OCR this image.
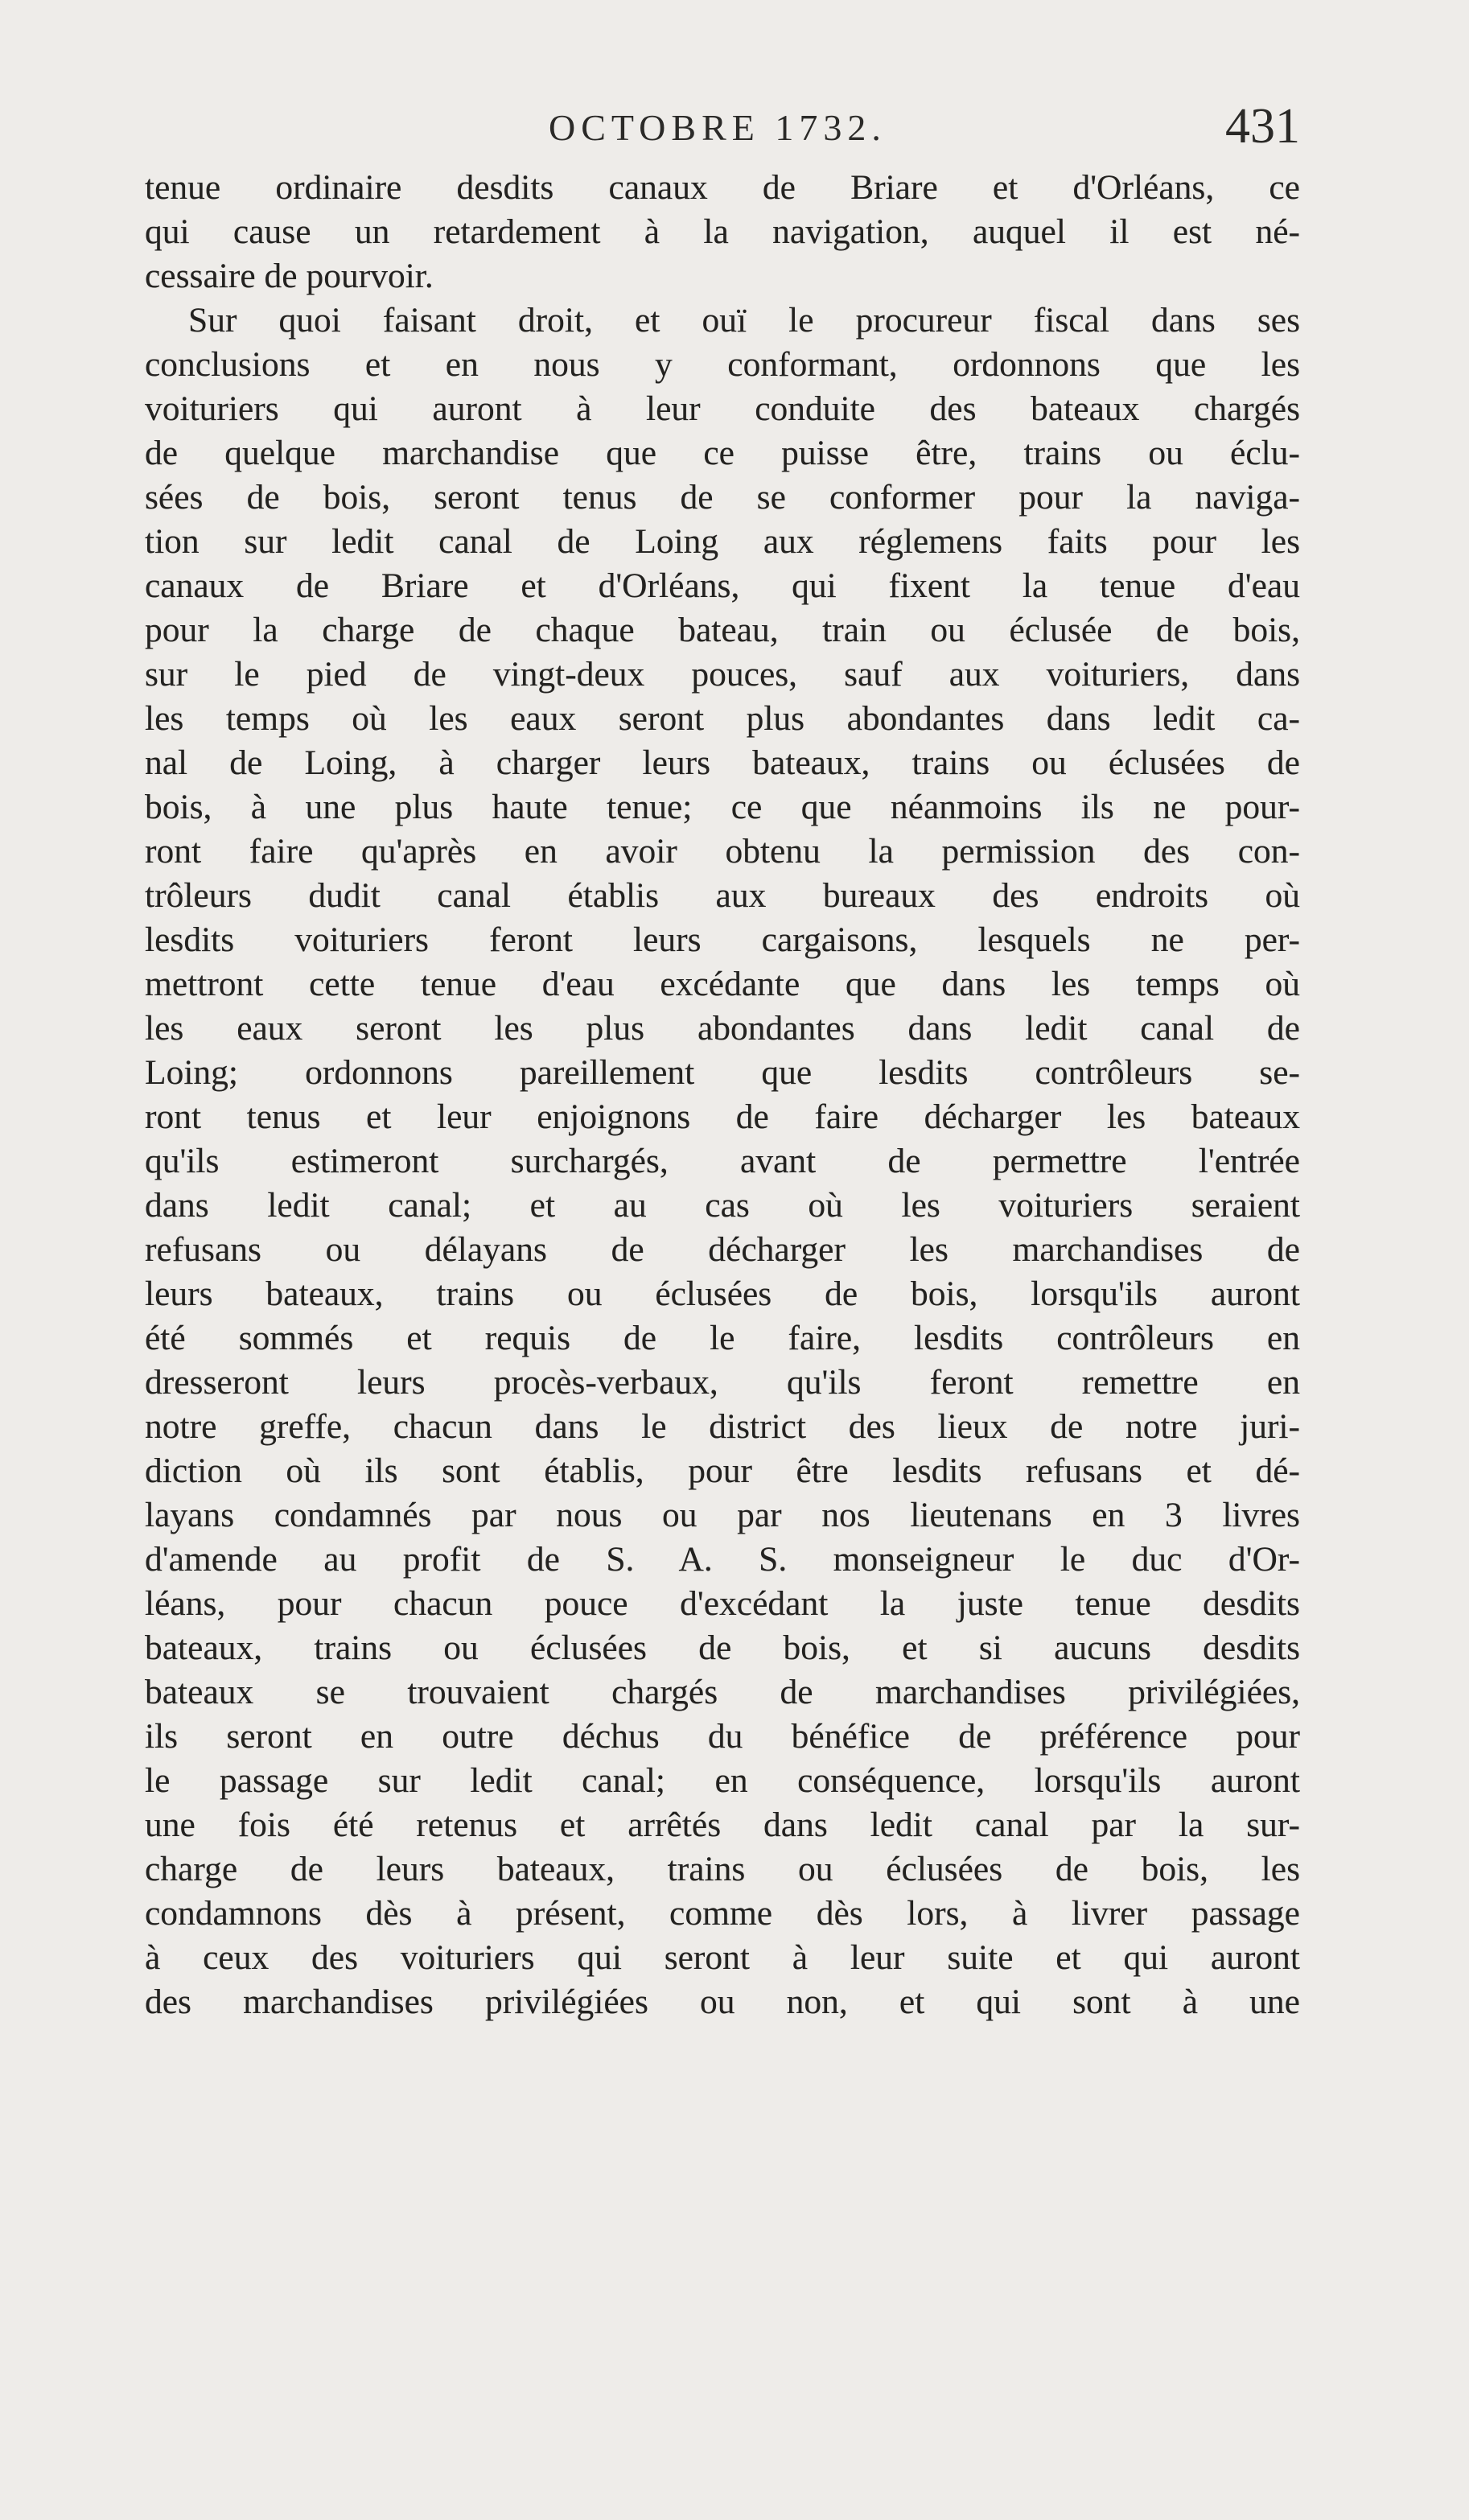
OCTOBRE 1732.	431
tenue ordinaire desdits canaux de Briare et d'Orléans, ce
qui cause un retardement à la navigation, auquel il est né-
cessaire de pourvoir.
Sur quoi faisant droit, et ouï le procureur fiscal dans ses
conclusions et en nous y conformant, ordonnons que les
voituriers qui auront à leur conduite des bateaux chargés
de quelque marchandise que ce puisse être, trains ou éclu-
sées de bois, seront tenus de se conformer pour la naviga-
tion sur ledit canal de Loing aux réglemens faits pour les
canaux de Briare et d'Orléans, qui fixent la tenue d'eau
pour la charge de chaque bateau, train ou éclusée de bois,
sur le pied de vingt-deux pouces, sauf aux voituriers, dans
les temps où les eaux seront plus abondantes dans ledit ca-
nal de Loing, à charger leurs bateaux, trains ou éclusées de
bois, à une plus haute tenue; ce que néanmoins ils ne pour-
ront faire qu'après en avoir obtenu la permission des con-
trôleurs dudit canal établis aux bureaux des endroits où
lesdits voituriers feront leurs cargaisons, lesquels ne per-
mettront cette tenue d'eau excédante que dans les temps où
les eaux seront les plus abondantes dans ledit canal de
Loing; ordonnons pareillement que lesdits contrôleurs se-
ront tenus et leur enjoignons de faire décharger les bateaux
qu'ils estimeront surchargés, avant de permettre l'entrée
dans ledit canal; et au cas où les voituriers seraient
refusans ou délayans de décharger les marchandises de
leurs bateaux, trains ou éclusées de bois, lorsqu'ils auront
été sommés et requis de le faire, lesdits contrôleurs en
dresseront leurs procès-verbaux, qu'ils feront remettre en
notre greffe, chacun dans le district des lieux de notre juri-
diction où ils sont établis, pour être lesdits refusans et dé-
layans condamnés par nous ou par nos lieutenans en 3 livres
d'amende au profit de S. A. S. monseigneur le duc d'Or-
léans, pour chacun pouce d'excédant la juste tenue desdits
bateaux, trains ou éclusées de bois, et si aucuns desdits
bateaux se trouvaient chargés de marchandises privilégiées,
ils seront en outre déchus du bénéfice de préférence pour
le passage sur ledit canal; en conséquence, lorsqu'ils auront
une fois été retenus et arrêtés dans ledit canal par la sur-
charge de leurs bateaux, trains ou éclusées de bois, les
condamnons dès à présent, comme dès lors, à livrer passage
à ceux des voituriers qui seront à leur suite et qui auront
des marchandises privilégiées ou non, et qui sont à une
